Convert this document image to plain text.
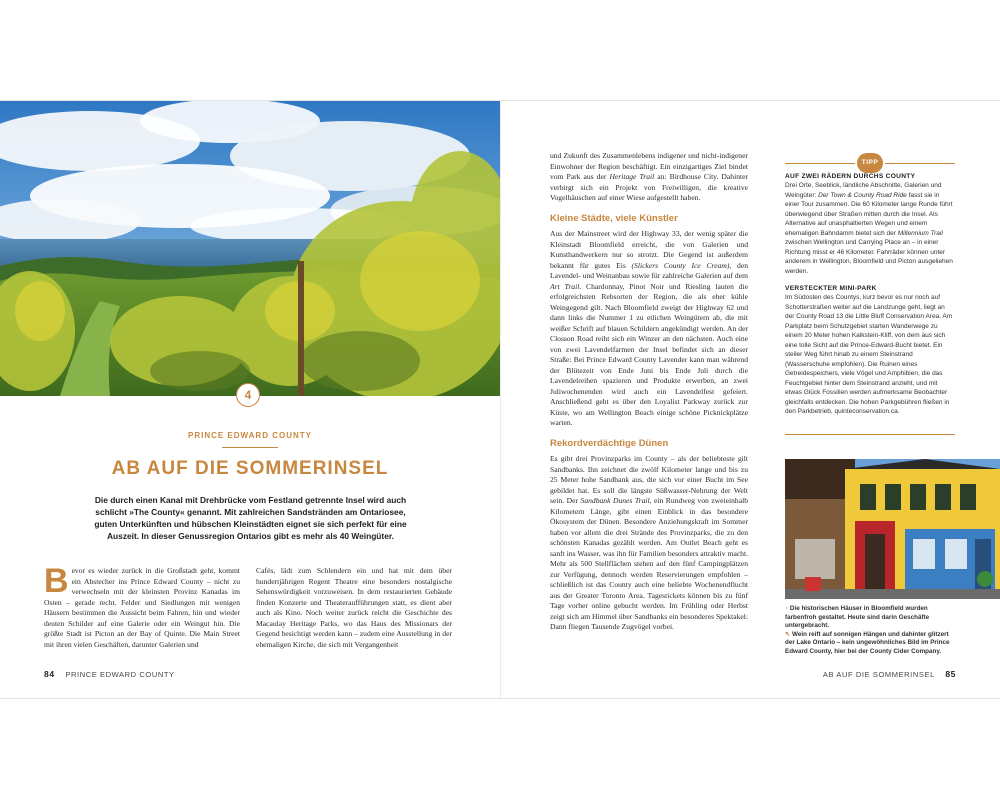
4
PRINCE EDWARD COUNTY
AB AUF DIE SOMMERINSEL
Die durch einen Kanal mit Drehbrücke vom Festland getrennte Insel wird auch schlicht »The County« genannt. Mit zahlreichen Sandstränden am Ontariosee, guten Unterkünften und hübschen Kleinstädten eignet sie sich perfekt für eine Auszeit. In dieser Genussregion Ontarios gibt es mehr als 40 Weingüter.
Bevor es wieder zurück in die Großstadt geht, kommt ein Abstecher ins Prince Edward County – nicht zu verwechseln mit der kleinsten Provinz Kanadas im Osten – gerade recht. Felder und Siedlungen mit wenigen Häusern bestimmen die Aussicht beim Fahren, hin und wieder deuten Schilder auf eine Galerie oder ein Weingut hin. Die größte Stadt ist Picton an der Bay of Quinte. Die Main Street mit ihren vielen Geschäften, darunter Galerien und
Cafés, lädt zum Schlendern ein und hat mit dem über hundertjährigen Regent Theatre eine besonders nostalgische Sehenswürdigkeit vorzuweisen. In dem restaurierten Gebäude finden Konzerte und Theateraufführungen statt, es dient aber auch als Kino. Noch weiter zurück reicht die Geschichte des Macaulay Heritage Parks, wo das Haus des Missionars der Gegend besichtigt werden kann – zudem eine Ausstellung in der ehemaligen Kirche, die sich mit Vergangenheit
84 PRINCE EDWARD COUNTY
und Zukunft des Zusammenlebens indigener und nicht-indigener Einwohner der Region beschäftigt. Ein einzigartiges Ziel bindet vom Park aus der Heritage Trail an: Birdhouse City. Dahinter verbirgt sich ein Projekt von Freiwilligen, die kreative Vogelhäuschen auf einer Wiese aufgestellt haben.
Kleine Städte, viele Künstler
Aus der Mainstreet wird der Highway 33, der wenig später die Kleinstadt Bloomfield erreicht, die von Galerien und Kunsthandwerkern nur so strotzt. Die Gegend ist außerdem bekannt für gutes Eis (Slickers County Ice Cream), den Lavendel- und Weinanbau sowie für zahlreiche Galerien auf dem Art Trail. Chardonnay, Pinot Noir und Riesling lauten die erfolgreichsten Rebsorten der Region, die als eher kühle Weingegend gilt. Nach Bloomfield zweigt der Highway 62 und dann links die Nummer 1 zu etlichen Weingütern ab, die mit weißer Schrift auf blauen Schildern angekündigt werden. An der Closson Road reiht sich ein Winzer an den nächsten. Auch eine von zwei Lavendelfarmen der Insel befindet sich an dieser Straße: Bei Prince Edward County Lavender kann man während der Blütezeit von Ende Juni bis Ende Juli durch die Lavendelreihen spazieren und Produkte erwerben, an zwei Juliwochenenden wird auch ein Lavendelfest gefeiert. Anschließend geht es über den Loyalist Parkway zurück zur Küste, wo am Wellington Beach einige schöne Picknickplätze warten.
Rekordverdächtige Dünen
Es gibt drei Provinzparks im County – als der beliebteste gilt Sandbanks. Ihn zeichnet die zwölf Kilometer lange und bis zu 25 Meter hohe Sandbank aus, die sich vor einer Bucht im See gebildet hat. Es soll die längste Süßwasser-Nehrung der Welt sein. Der Sandbank Dunes Trail, ein Rundweg von zweieinhalb Kilometern Länge, gibt einen Einblick in das besondere Ökosystem der Dünen. Besondere Anziehungskraft im Sommer haben vor allem die drei Strände des Provinzparks, die zu den schönsten Kanadas gezählt werden. Am Outlet Beach geht es sanft ins Wasser, was ihn für Familien besonders attraktiv macht. Mehr als 500 Stellflächen stehen auf den fünf Campingplätzen zur Verfügung, dennoch werden Reservierungen empfohlen – schließlich ist das County auch eine beliebte Wochenendflucht aus der Greater Toronto Area. Tagestickets können bis zu fünf Tage vorher online gebucht werden. Im Frühling oder Herbst zeigt sich am Himmel über Sandbanks ein besonderes Spektakel: Dann fliegen Tausende Zugvögel vorbei.
TIPP
AUF ZWEI RÄDERN DURCHS COUNTY
Drei Orte, Seeblick, ländliche Abschnitte, Galerien und Weingüter: Der Town & County Road Ride fasst sie in einer Tour zusammen. Die 60 Kilometer lange Runde führt überwiegend über Straßen mitten durch die Insel. Als Alternative auf unasphaltierten Wegen und einem ehemaligen Bahndamm bietet sich der Millennium Trail zwischen Wellington und Carrying Place an – in einer Richtung misst er 46 Kilometer. Fahrräder können unter anderem in Wellington, Bloomfield und Picton ausgeliehen werden.
VERSTECKTER MINI-PARK
Im Südosten des Countys, kurz bevor es nur noch auf Schotterstraßen weiter auf die Landzunge geht, liegt an der County Road 13 die Little Bluff Conservation Area. Am Parkplatz beim Schutzgebiet starten Wanderwege zu einem 20 Meter hohen Kalkstein-Kliff, von dem aus sich eine tolle Sicht auf die Prince-Edward-Bucht bietet. Ein steiler Weg führt hinab zu einem Steinstrand (Wasserschuhe empfohlen). Die Ruinen eines Getreidespeichers, viele Vögel und Amphibien, die das Feuchtgebiet hinter dem Steinstrand anzieht, und mit etwas Glück Fossilien werden aufmerksame Beobachter gleichfalls entdecken. Die hohen Parkgebühren fließen in den Parkbetrieb, quinteconservation.ca.
↑ Die historischen Häuser in Bloomfield wurden farbenfroh gestaltet. Heute sind darin Geschäfte untergebracht.
↖ Wein reift auf sonnigen Hängen und dahinter glitzert der Lake Ontario – kein ungewöhnliches Bild im Prince Edward County, hier bei der County Cider Company.
AB AUF DIE SOMMERINSEL 85
